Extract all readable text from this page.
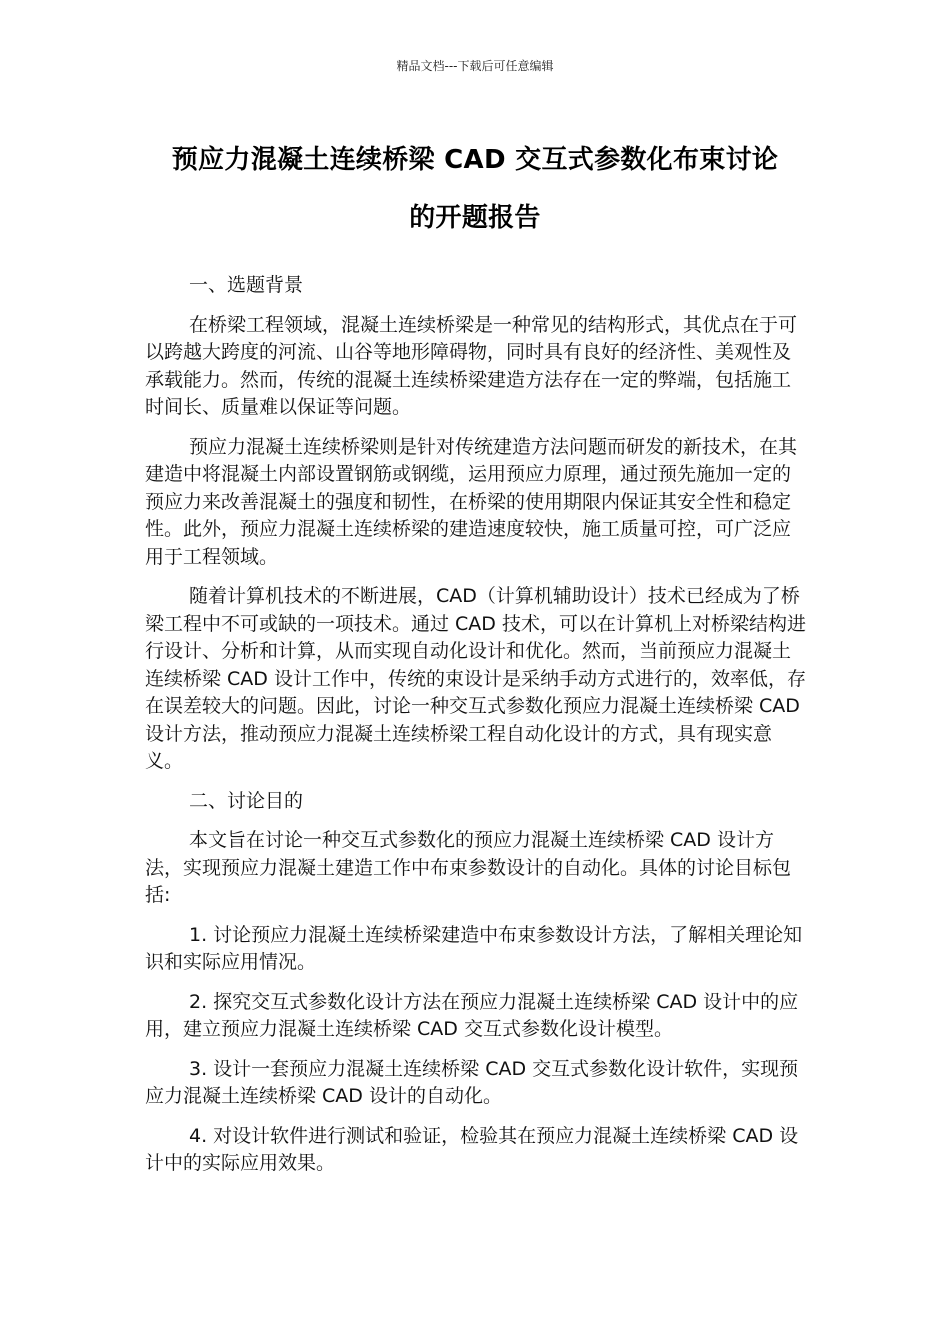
精品文档---下载后可任意编辑
预应力混凝土连续桥梁 CAD 交互式参数化布束讨论
的开题报告
一、选题背景

在桥梁工程领域，混凝土连续桥梁是一种常见的结构形式，其优点在于可以跨越大跨度的河流、山谷等地形障碍物，同时具有良好的经济性、美观性及承载能力。然而，传统的混凝土连续桥梁建造方法存在一定的弊端，包括施工时间长、质量难以保证等问题。

预应力混凝土连续桥梁则是针对传统建造方法问题而研发的新技术，在其建造中将混凝土内部设置钢筋或钢缆，运用预应力原理，通过预先施加一定的预应力来改善混凝土的强度和韧性，在桥梁的使用期限内保证其安全性和稳定性。此外，预应力混凝土连续桥梁的建造速度较快，施工质量可控，可广泛应用于工程领域。

随着计算机技术的不断进展，CAD（计算机辅助设计）技术已经成为了桥梁工程中不可或缺的一项技术。通过 CAD 技术，可以在计算机上对桥梁结构进行设计、分析和计算，从而实现自动化设计和优化。然而，当前预应力混凝土连续桥梁 CAD 设计工作中，传统的束设计是采纳手动方式进行的，效率低，存在误差较大的问题。因此，讨论一种交互式参数化预应力混凝土连续桥梁 CAD 设计方法，推动预应力混凝土连续桥梁工程自动化设计的方式，具有现实意义。

二、讨论目的

本文旨在讨论一种交互式参数化的预应力混凝土连续桥梁 CAD 设计方法，实现预应力混凝土建造工作中布束参数设计的自动化。具体的讨论目标包括:

1. 讨论预应力混凝土连续桥梁建造中布束参数设计方法，了解相关理论知识和实际应用情况。

2. 探究交互式参数化设计方法在预应力混凝土连续桥梁 CAD 设计中的应用，建立预应力混凝土连续桥梁 CAD 交互式参数化设计模型。

3. 设计一套预应力混凝土连续桥梁 CAD 交互式参数化设计软件，实现预应力混凝土连续桥梁 CAD 设计的自动化。

4. 对设计软件进行测试和验证，检验其在预应力混凝土连续桥梁 CAD 设计中的实际应用效果。
